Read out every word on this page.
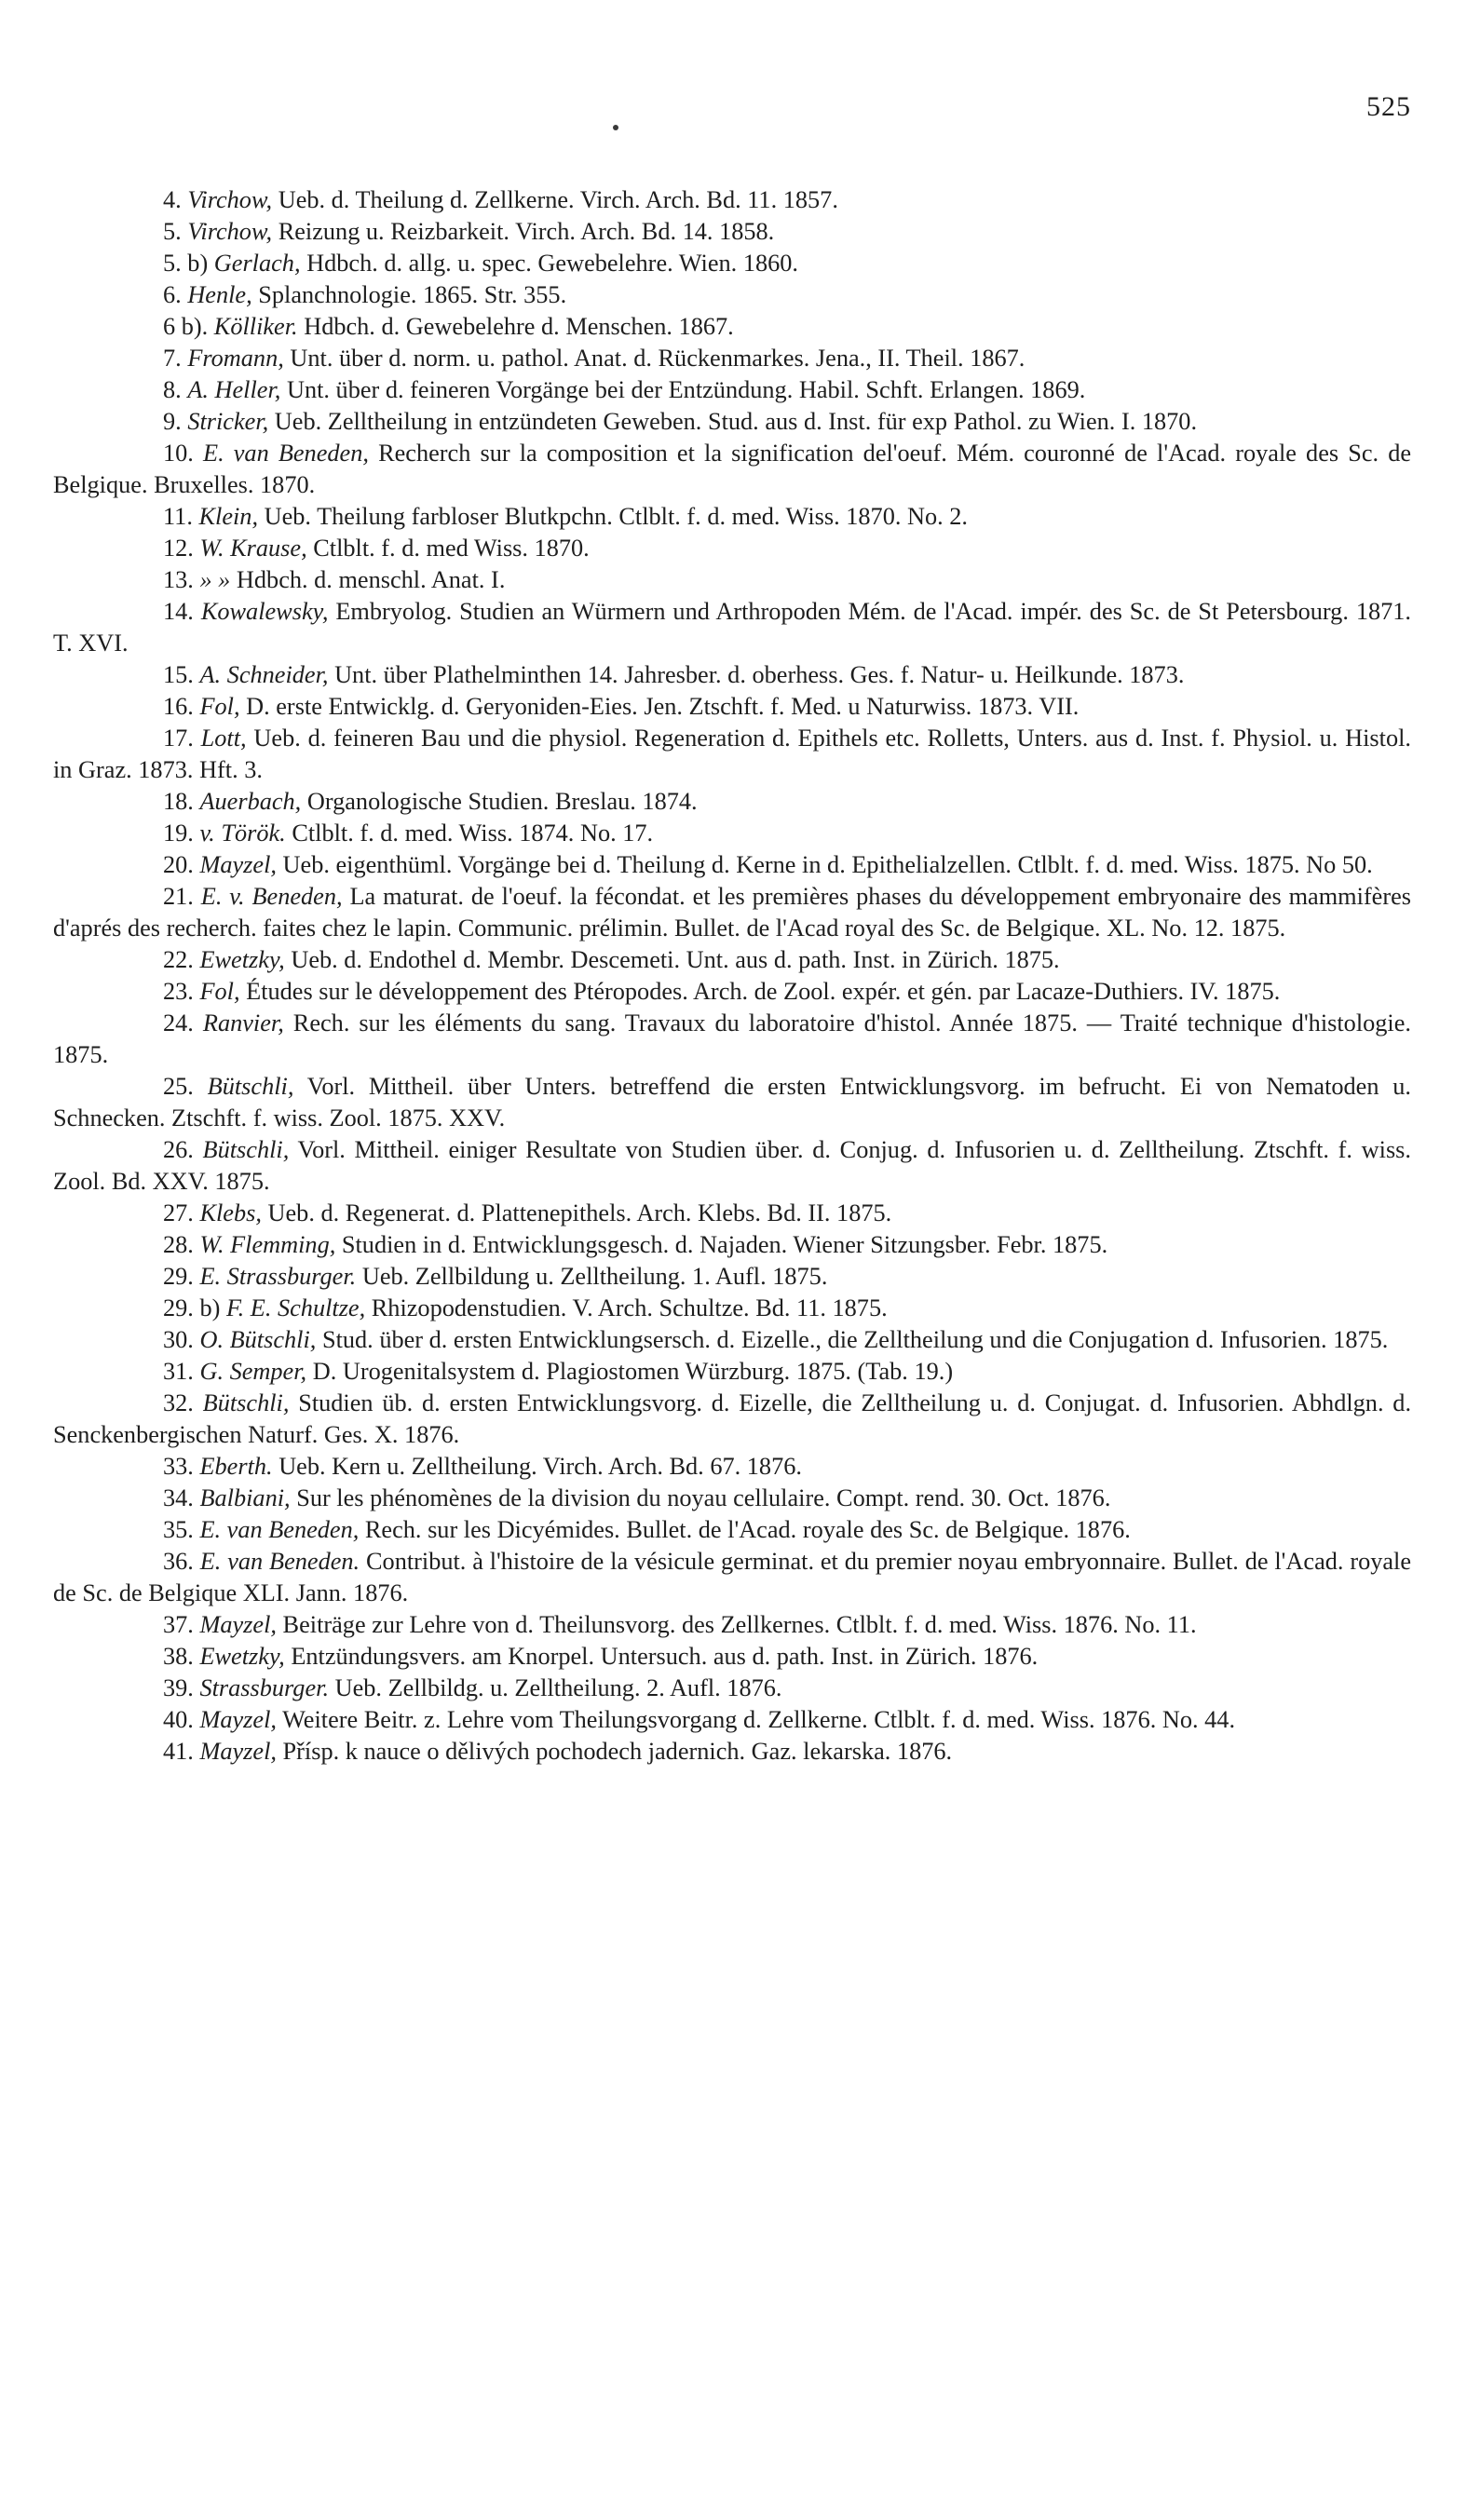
525

4. Virchow, Ueb. d. Theilung d. Zellkerne. Virch. Arch. Bd. 11. 1857.

5. Virchow, Reizung u. Reizbarkeit. Virch. Arch. Bd. 14. 1858.

5. b) Gerlach, Hdbch. d. allg. u. spec. Gewebelehre. Wien. 1860.

6. Henle, Splanchnologie. 1865. Str. 355.

6 b). Kölliker. Hdbch. d. Gewebelehre d. Menschen. 1867.

7. Fromann, Unt. über d. norm. u. pathol. Anat. d. Rückenmarkes. Jena., II. Theil. 1867.

8. A. Heller, Unt. über d. feineren Vorgänge bei der Entzündung. Habil. Schft. Erlangen. 1869.

9. Stricker, Ueb. Zelltheilung in entzündeten Geweben. Stud. aus d. Inst. für exp Pathol. zu Wien. I. 1870.

10. E. van Beneden, Recherch sur la composition et la signification del'oeuf. Mém. couronné de l'Acad. royale des Sc. de Belgique. Bruxelles. 1870.

11. Klein, Ueb. Theilung farbloser Blutkpchn. Ctlblt. f. d. med. Wiss. 1870. No. 2.

12. W. Krause, Ctlblt. f. d. med Wiss. 1870.

13. » » Hdbch. d. menschl. Anat. I.

14. Kowalewsky, Embryolog. Studien an Würmern und Arthropoden Mém. de l'Acad. impér. des Sc. de St Petersbourg. 1871. T. XVI.

15. A. Schneider, Unt. über Plathelminthen 14. Jahresber. d. oberhess. Ges. f. Natur- u. Heilkunde. 1873.

16. Fol, D. erste Entwicklg. d. Geryoniden-Eies. Jen. Ztschft. f. Med. u Naturwiss. 1873. VII.

17. Lott, Ueb. d. feineren Bau und die physiol. Regeneration d. Epithels etc. Rolletts, Unters. aus d. Inst. f. Physiol. u. Histol. in Graz. 1873. Hft. 3.

18. Auerbach, Organologische Studien. Breslau. 1874.

19. v. Török. Ctlblt. f. d. med. Wiss. 1874. No. 17.

20. Mayzel, Ueb. eigenthüml. Vorgänge bei d. Theilung d. Kerne in d. Epithelialzellen. Ctlblt. f. d. med. Wiss. 1875. No 50.

21. E. v. Beneden, La maturat. de l'oeuf. la fécondat. et les premières phases du développement embryonaire des mammifères d'aprés des recherch. faites chez le lapin. Communic. prélimin. Bullet. de l'Acad royal des Sc. de Belgique. XL. No. 12. 1875.

22. Ewetzky, Ueb. d. Endothel d. Membr. Descemeti. Unt. aus d. path. Inst. in Zürich. 1875.

23. Fol, Études sur le développement des Ptéropodes. Arch. de Zool. expér. et gén. par Lacaze-Duthiers. IV. 1875.

24. Ranvier, Rech. sur les éléments du sang. Travaux du laboratoire d'histol. Année 1875. — Traité technique d'histologie. 1875.

25. Bütschli, Vorl. Mittheil. über Unters. betreffend die ersten Entwicklungsvorg. im befrucht. Ei von Nematoden u. Schnecken. Ztschft. f. wiss. Zool. 1875. XXV.

26. Bütschli, Vorl. Mittheil. einiger Resultate von Studien über. d. Conjug. d. Infusorien u. d. Zelltheilung. Ztschft. f. wiss. Zool. Bd. XXV. 1875.

27. Klebs, Ueb. d. Regenerat. d. Plattenepithels. Arch. Klebs. Bd. II. 1875.

28. W. Flemming, Studien in d. Entwicklungsgesch. d. Najaden. Wiener Sitzungsber. Febr. 1875.

29. E. Strassburger. Ueb. Zellbildung u. Zelltheilung. 1. Aufl. 1875.

29. b) F. E. Schultze, Rhizopodenstudien. V. Arch. Schultze. Bd. 11. 1875.

30. O. Bütschli, Stud. über d. ersten Entwicklungsersch. d. Eizelle., die Zelltheilung und die Conjugation d. Infusorien. 1875.

31. G. Semper, D. Urogenitalsystem d. Plagiostomen Würzburg. 1875. (Tab. 19.)

32. Bütschli, Studien üb. d. ersten Entwicklungsvorg. d. Eizelle, die Zelltheilung u. d. Conjugat. d. Infusorien. Abhdlgn. d. Senckenbergischen Naturf. Ges. X. 1876.

33. Eberth. Ueb. Kern u. Zelltheilung. Virch. Arch. Bd. 67. 1876.

34. Balbiani, Sur les phénomènes de la division du noyau cellulaire. Compt. rend. 30. Oct. 1876.

35. E. van Beneden, Rech. sur les Dicyémides. Bullet. de l'Acad. royale des Sc. de Belgique. 1876.

36. E. van Beneden. Contribut. à l'histoire de la vésicule germinat. et du premier noyau embryonnaire. Bullet. de l'Acad. royale de Sc. de Belgique XLI. Jann. 1876.

37. Mayzel, Beiträge zur Lehre von d. Theilunsvorg. des Zellkernes. Ctlblt. f. d. med. Wiss. 1876. No. 11.

38. Ewetzky, Entzündungsvers. am Knorpel. Untersuch. aus d. path. Inst. in Zürich. 1876.

39. Strassburger. Ueb. Zellbildg. u. Zelltheilung. 2. Aufl. 1876.

40. Mayzel, Weitere Beitr. z. Lehre vom Theilungsvorgang d. Zellkerne. Ctlblt. f. d. med. Wiss. 1876. No. 44.

41. Mayzel, Přísp. k nauce o dělivých pochodech jadernich. Gaz. lekarska. 1876.
